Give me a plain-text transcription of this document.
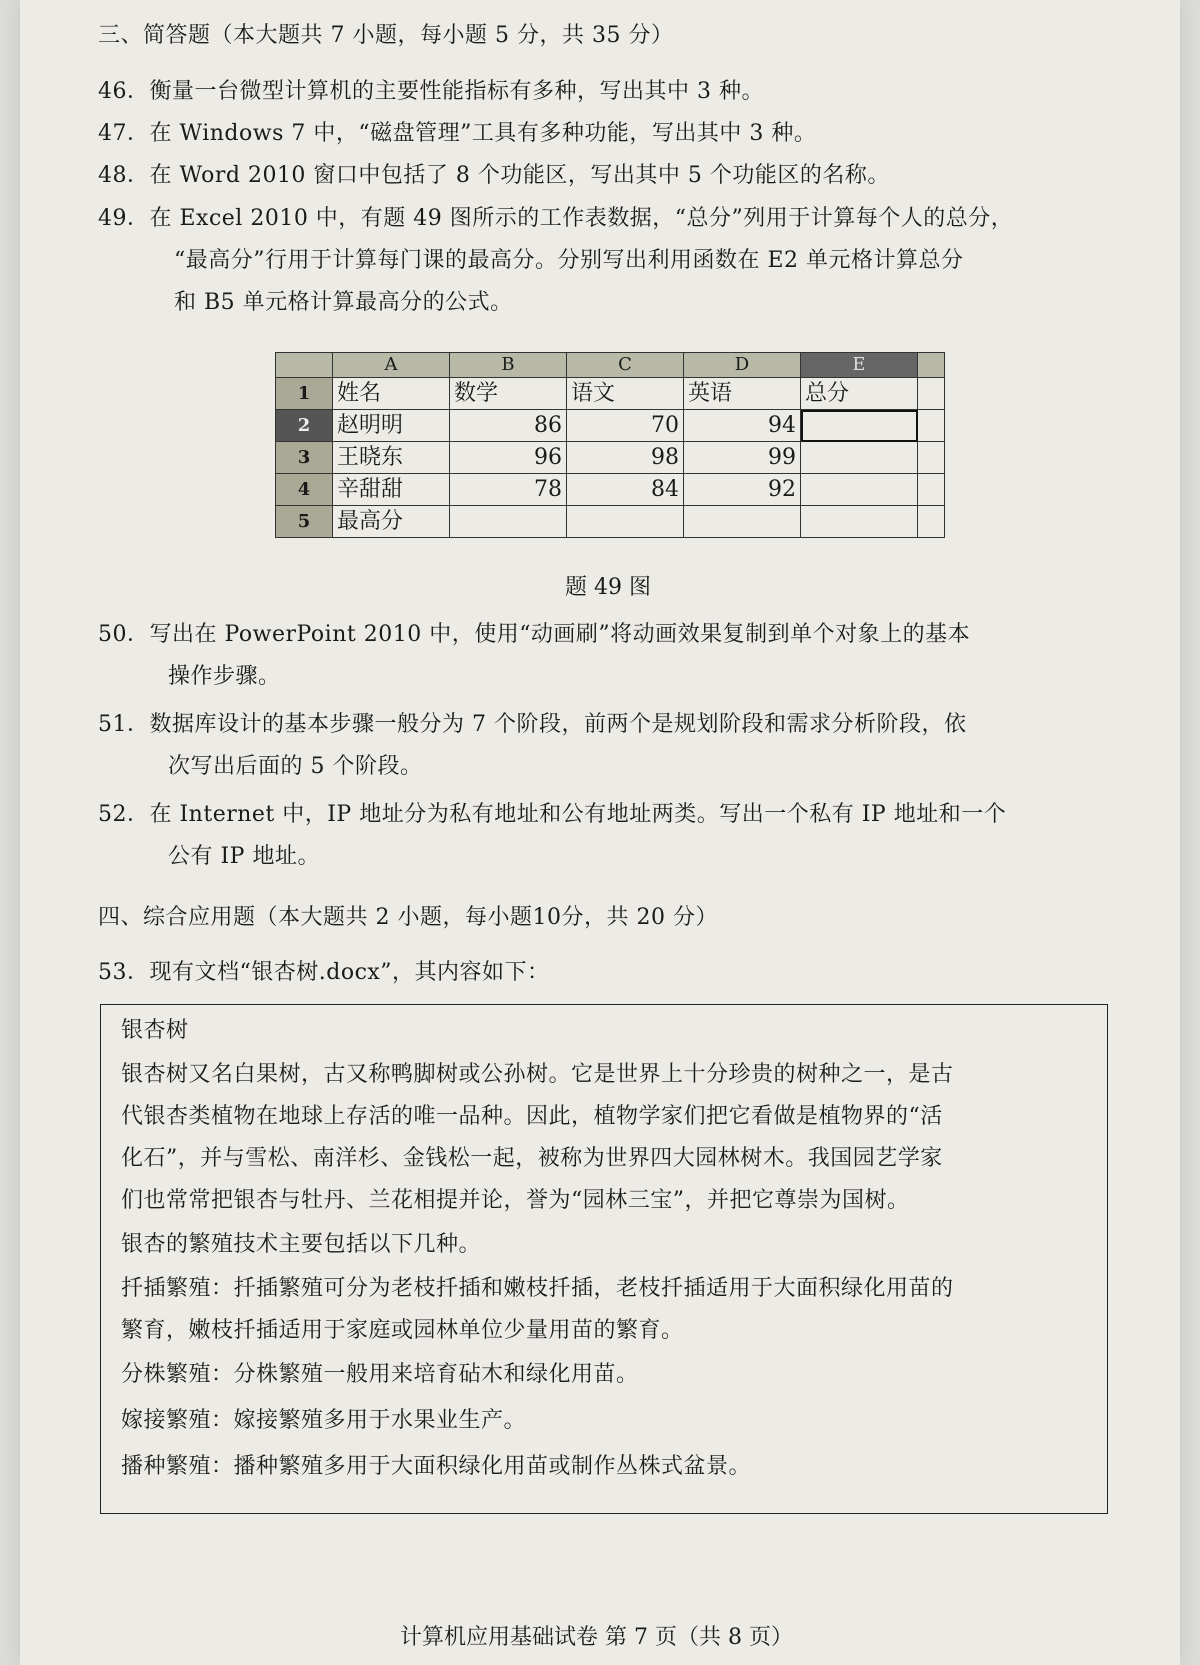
三、简答题（本大题共 7 小题，每小题 5 分，共 35 分）
46．衡量一台微型计算机的主要性能指标有多种，写出其中 3 种。
47．在 Windows 7 中，“磁盘管理”工具有多种功能，写出其中 3 种。
48．在 Word 2010 窗口中包括了 8 个功能区，写出其中 5 个功能区的名称。
49．在 Excel 2010 中，有题 49 图所示的工作表数据，“总分”列用于计算每个人的总分，
“最高分”行用于计算每门课的最高分。分别写出利用函数在 E2 单元格计算总分
和 B5 单元格计算最高分的公式。
	A	B	C	D	E	
1	姓名	数学	语文	英语	总分	
2	赵明明	86	70	94		
3	王晓东	96	98	99		
4	辛甜甜	78	84	92		
5	最高分					
题 49 图
50．写出在 PowerPoint 2010 中，使用“动画刷”将动画效果复制到单个对象上的基本
操作步骤。
51．数据库设计的基本步骤一般分为 7 个阶段，前两个是规划阶段和需求分析阶段，依
次写出后面的 5 个阶段。
52．在 Internet 中，IP 地址分为私有地址和公有地址两类。写出一个私有 IP 地址和一个
公有 IP 地址。
四、综合应用题（本大题共 2 小题，每小题10分，共 20 分）
53．现有文档“银杏树.docx”，其内容如下：
银杏树
银杏树又名白果树，古又称鸭脚树或公孙树。它是世界上十分珍贵的树种之一，是古
代银杏类植物在地球上存活的唯一品种。因此，植物学家们把它看做是植物界的“活
化石”，并与雪松、南洋杉、金钱松一起，被称为世界四大园林树木。我国园艺学家
们也常常把银杏与牡丹、兰花相提并论，誉为“园林三宝”，并把它尊崇为国树。
银杏的繁殖技术主要包括以下几种。
扦插繁殖：扦插繁殖可分为老枝扦插和嫩枝扦插，老枝扦插适用于大面积绿化用苗的
繁育，嫩枝扦插适用于家庭或园林单位少量用苗的繁育。
分株繁殖：分株繁殖一般用来培育砧木和绿化用苗。
嫁接繁殖：嫁接繁殖多用于水果业生产。
播种繁殖：播种繁殖多用于大面积绿化用苗或制作丛株式盆景。
计算机应用基础试卷 第 7 页（共 8 页）
